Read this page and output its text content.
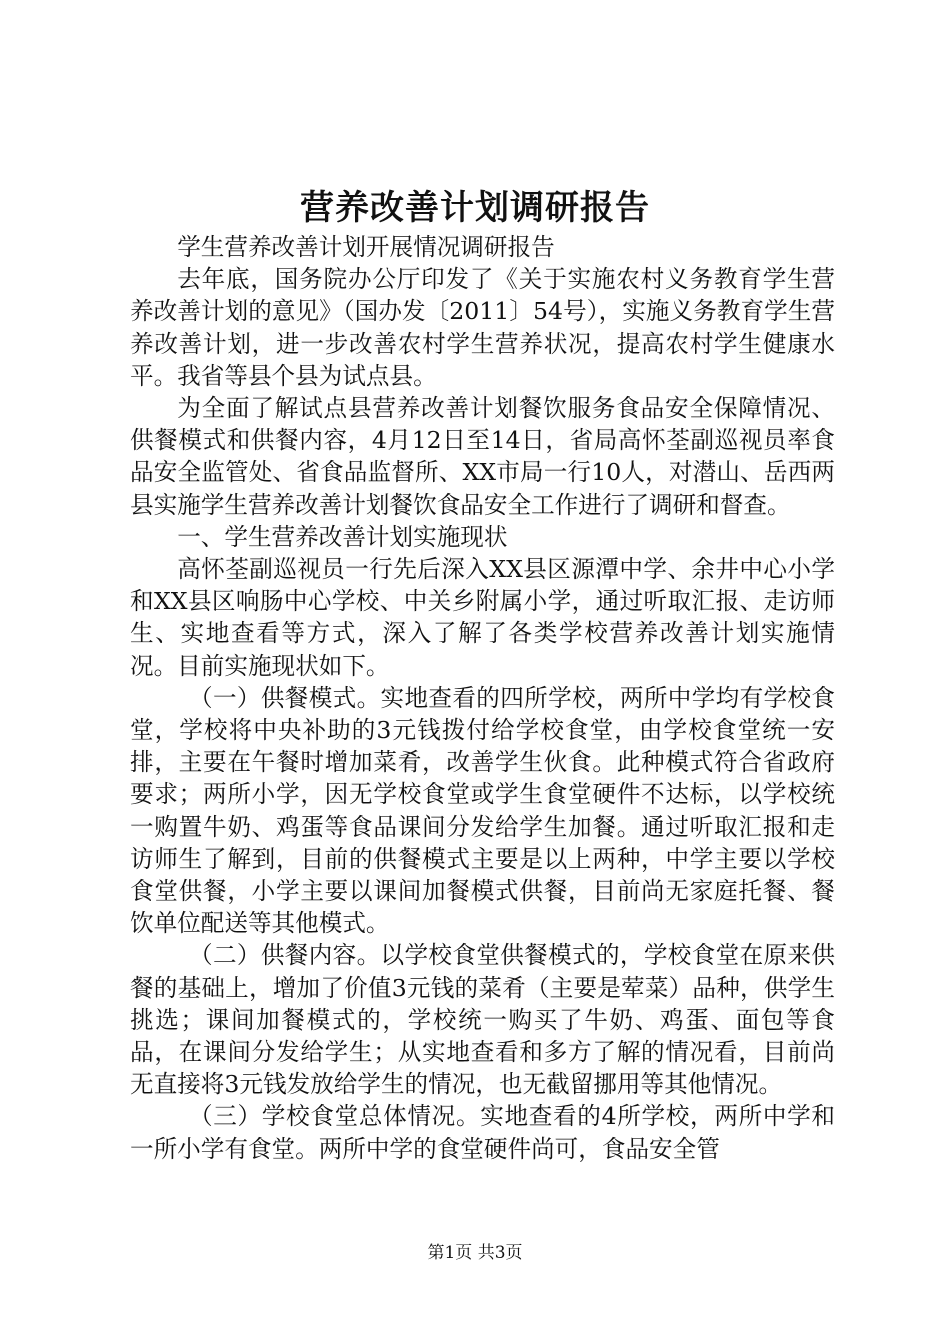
营养改善计划调研报告

学生营养改善计划开展情况调研报告

去年底，国务院办公厅印发了《关于实施农村义务教育学生营养改善计划的意见》（国办发〔2011〕54号），实施义务教育学生营养改善计划，进一步改善农村学生营养状况，提高农村学生健康水平。我省等县个县为试点县。

为全面了解试点县营养改善计划餐饮服务食品安全保障情况、供餐模式和供餐内容，4月12日至14日，省局高怀荃副巡视员率食品安全监管处、省食品监督所、XX市局一行10人，对潜山、岳西两县实施学生营养改善计划餐饮食品安全工作进行了调研和督查。

一、学生营养改善计划实施现状

高怀荃副巡视员一行先后深入XX县区源潭中学、余井中心小学和XX县区响肠中心学校、中关乡附属小学，通过听取汇报、走访师生、实地查看等方式，深入了解了各类学校营养改善计划实施情况。目前实施现状如下。

（一）供餐模式。实地查看的四所学校，两所中学均有学校食堂，学校将中央补助的3元钱拨付给学校食堂，由学校食堂统一安排，主要在午餐时增加菜肴，改善学生伙食。此种模式符合省政府要求；两所小学，因无学校食堂或学生食堂硬件不达标，以学校统一购置牛奶、鸡蛋等食品课间分发给学生加餐。通过听取汇报和走访师生了解到，目前的供餐模式主要是以上两种，中学主要以学校食堂供餐，小学主要以课间加餐模式供餐，目前尚无家庭托餐、餐饮单位配送等其他模式。

（二）供餐内容。以学校食堂供餐模式的，学校食堂在原来供餐的基础上，增加了价值3元钱的菜肴（主要是荤菜）品种，供学生挑选；课间加餐模式的，学校统一购买了牛奶、鸡蛋、面包等食品，在课间分发给学生；从实地查看和多方了解的情况看，目前尚无直接将3元钱发放给学生的情况，也无截留挪用等其他情况。

（三）学校食堂总体情况。实地查看的4所学校，两所中学和一所小学有食堂。两所中学的食堂硬件尚可，食品安全管

第1页 共3页
